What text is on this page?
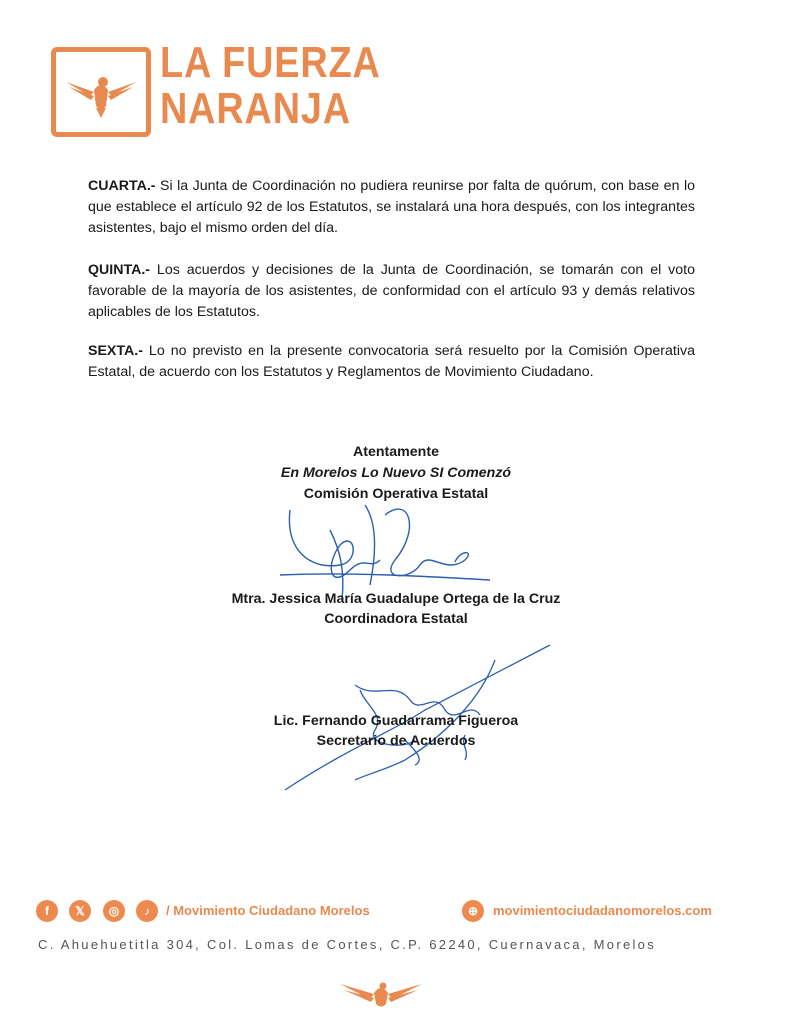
LA FUERZA
NARANJA
CUARTA.- Si la Junta de Coordinación no pudiera reunirse por falta de quórum, con base en lo que establece el artículo 92 de los Estatutos, se instalará una hora después, con los integrantes asistentes, bajo el mismo orden del día.
QUINTA.- Los acuerdos y decisiones de la Junta de Coordinación, se tomarán con el voto favorable de la mayoría de los asistentes, de conformidad con el artículo 93 y demás relativos aplicables de los Estatutos.
SEXTA.- Lo no previsto en la presente convocatoria será resuelto por la Comisión Operativa Estatal, de acuerdo con los Estatutos y Reglamentos de Movimiento Ciudadano.
Atentamente
En Morelos Lo Nuevo SI Comenzó
Comisión Operativa Estatal
Mtra. Jessica María Guadalupe Ortega de la Cruz
Coordinadora Estatal
Lic. Fernando Guadarrama Figueroa
Secretario de Acuerdos
f	𝕏	◎	♪	/ Movimiento Ciudadano Morelos	⊕	movimientociudadanomorelos.com
C. Ahuehuetitla 304, Col. Lomas de Cortes, C.P. 62240, Cuernavaca, Morelos
